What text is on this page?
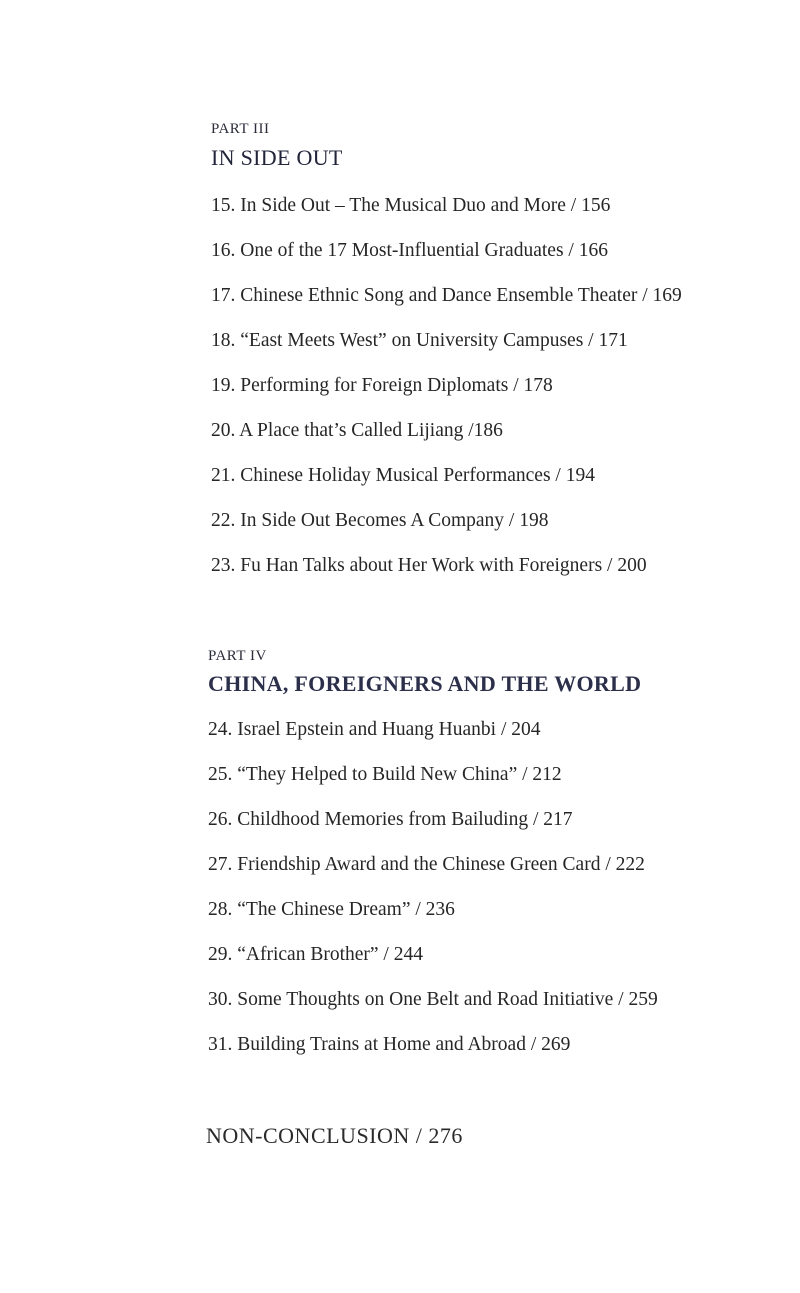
PART III
IN SIDE OUT
15. In Side Out – The Musical Duo and More / 156
16. One of the 17 Most-Influential Graduates / 166
17. Chinese Ethnic Song and Dance Ensemble Theater / 169
18. “East Meets West” on University Campuses / 171
19. Performing for Foreign Diplomats / 178
20. A Place that’s Called Lijiang /186
21. Chinese Holiday Musical Performances / 194
22. In Side Out Becomes A Company / 198
23. Fu Han Talks about Her Work with Foreigners / 200
PART IV
CHINA, FOREIGNERS AND THE WORLD
24. Israel Epstein and Huang Huanbi / 204
25. “They Helped to Build New China” / 212
26. Childhood Memories from Bailuding / 217
27. Friendship Award and the Chinese Green Card / 222
28. “The Chinese Dream” / 236
29. “African Brother” / 244
30. Some Thoughts on One Belt and Road Initiative / 259
31. Building Trains at Home and Abroad / 269
NON-CONCLUSION / 276
